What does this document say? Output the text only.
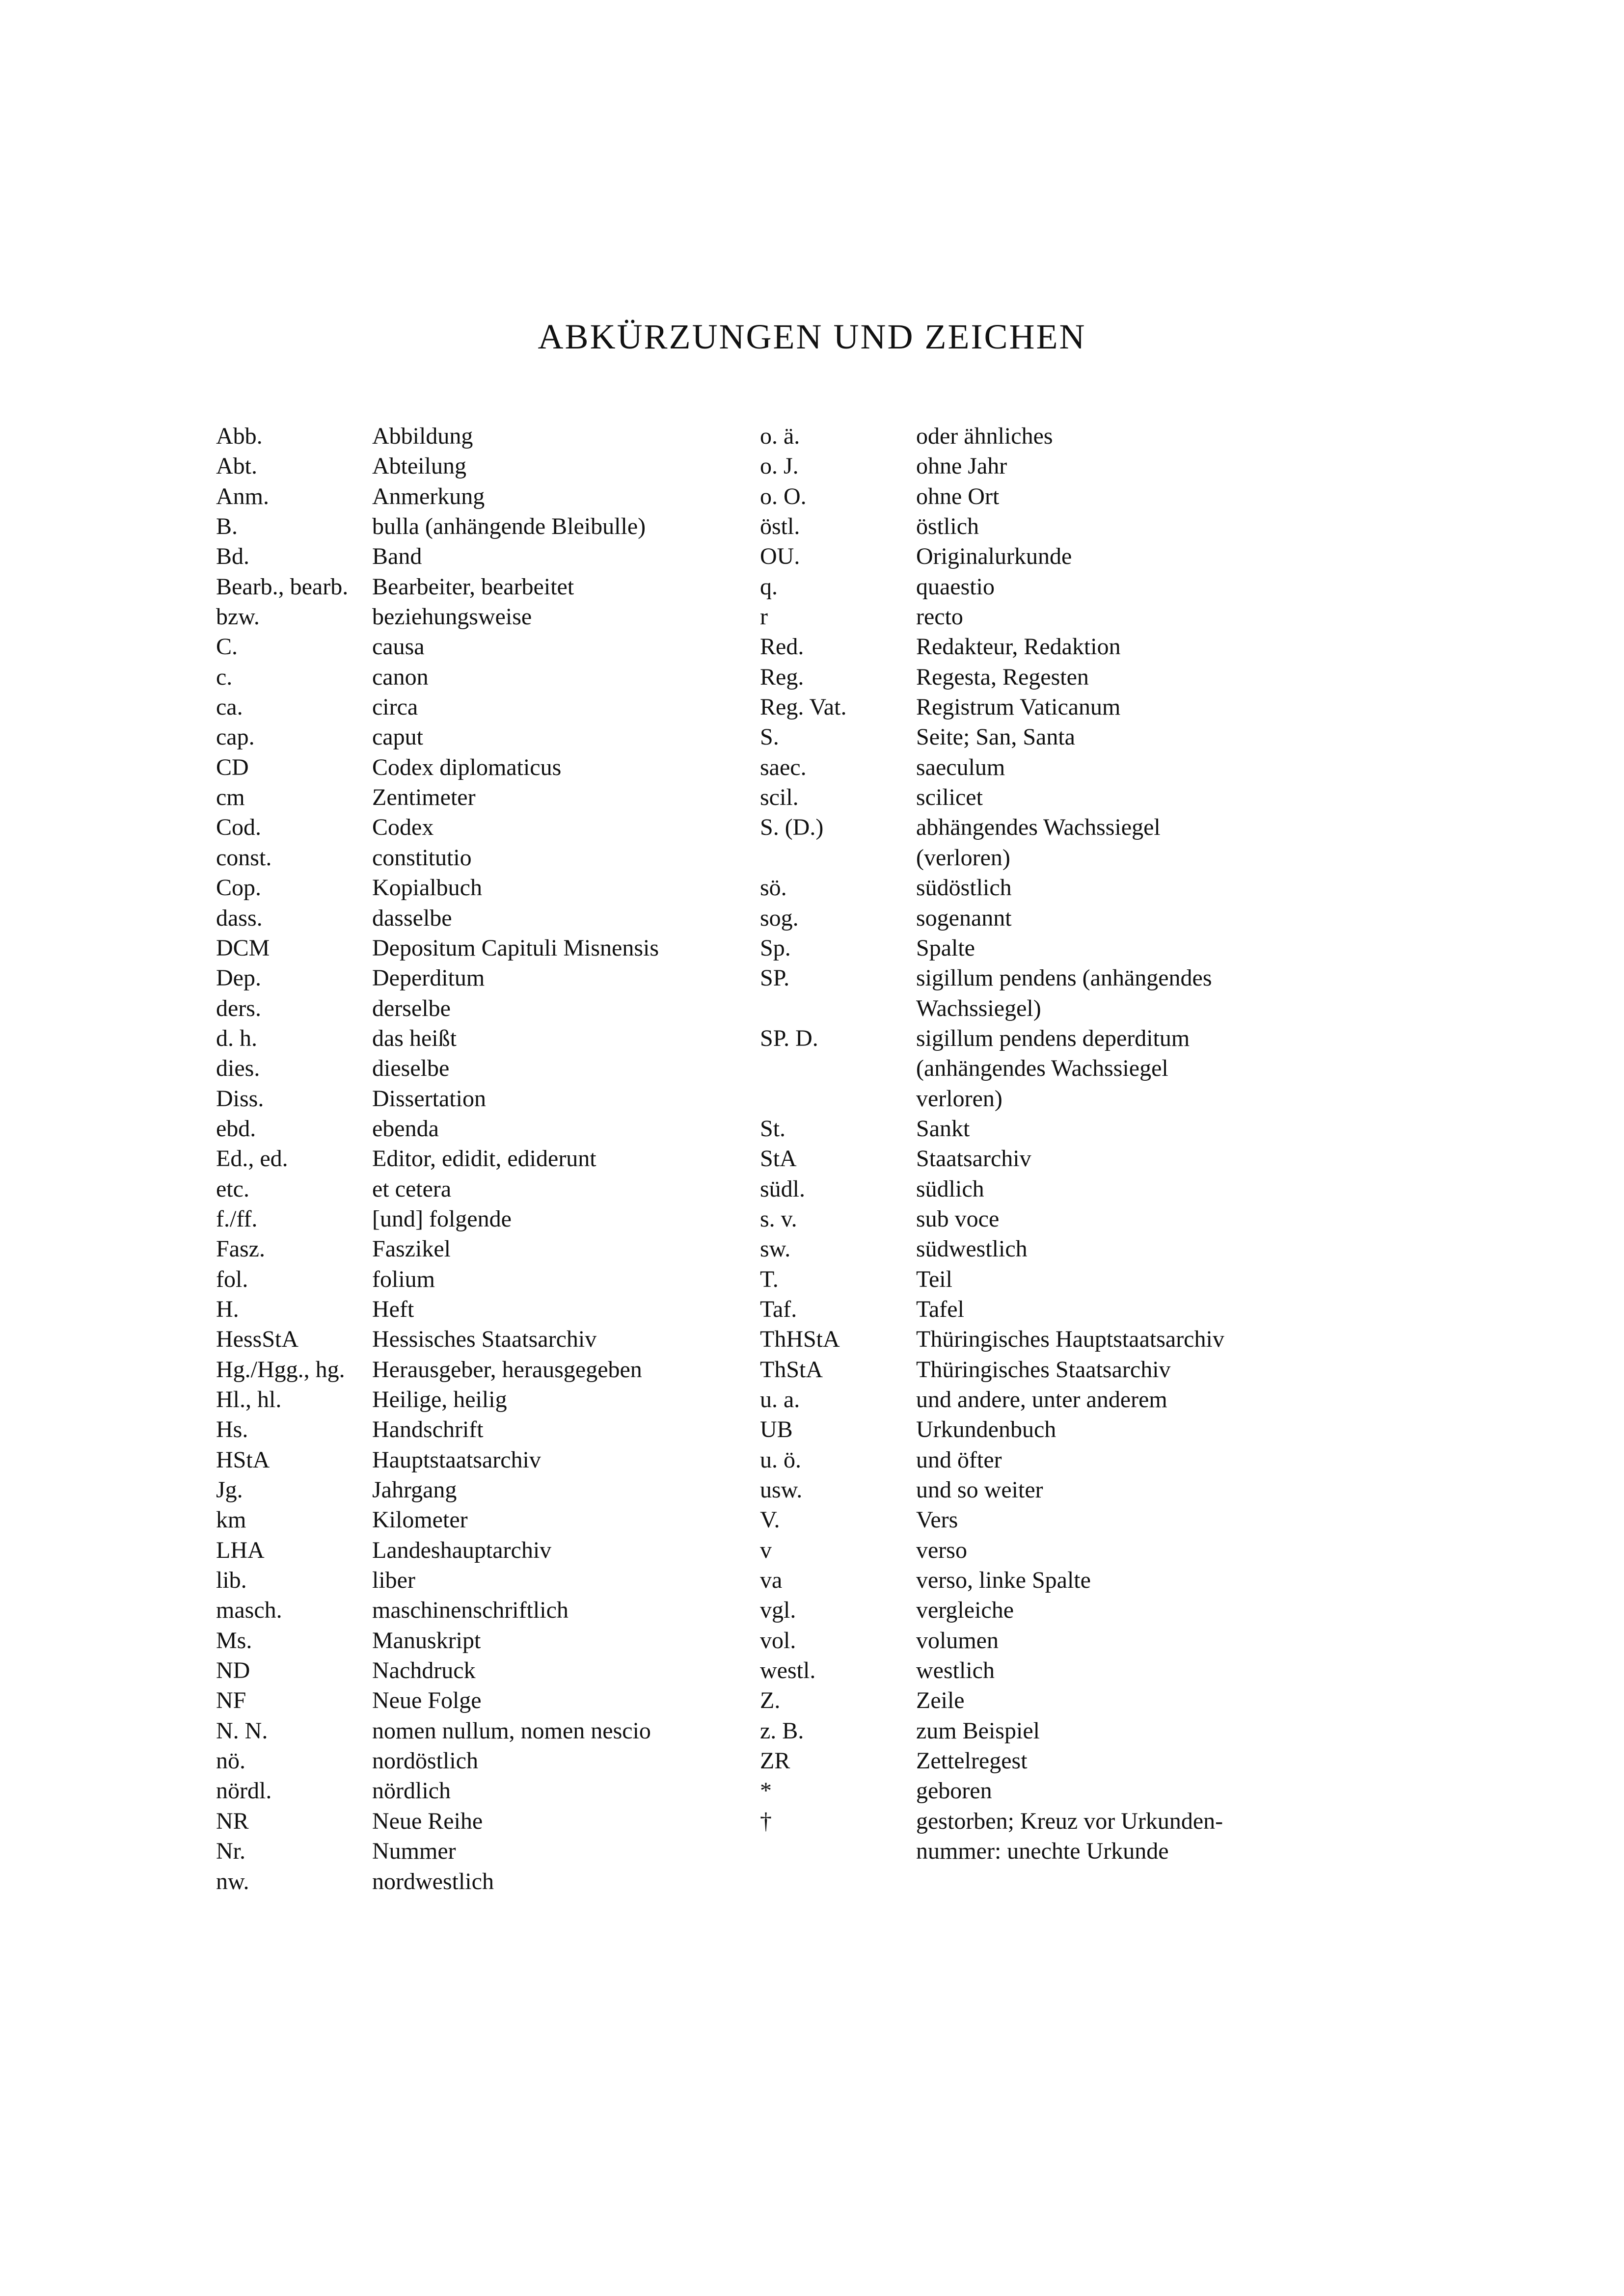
ABKÜRZUNGEN UND ZEICHEN
Abb.	Abbildung
Abt.	Abteilung
Anm.	Anmerkung
B.	bulla (anhängende Bleibulle)
Bd.	Band
Bearb., bearb.	Bearbeiter, bearbeitet
bzw.	beziehungsweise
C.	causa
c.	canon
ca.	circa
cap.	caput
CD	Codex diplomaticus
cm	Zentimeter
Cod.	Codex
const.	constitutio
Cop.	Kopialbuch
dass.	dasselbe
DCM	Depositum Capituli Misnensis
Dep.	Deperditum
ders.	derselbe
d. h.	das heißt
dies.	dieselbe
Diss.	Dissertation
ebd.	ebenda
Ed., ed.	Editor, edidit, ediderunt
etc.	et cetera
f./ff.	[und] folgende
Fasz.	Faszikel
fol.	folium
H.	Heft
HessStA	Hessisches Staatsarchiv
Hg./Hgg., hg.	Herausgeber, herausgegeben
Hl., hl.	Heilige, heilig
Hs.	Handschrift
HStA	Hauptstaatsarchiv
Jg.	Jahrgang
km	Kilometer
LHA	Landeshauptarchiv
lib.	liber
masch.	maschinenschriftlich
Ms.	Manuskript
ND	Nachdruck
NF	Neue Folge
N. N.	nomen nullum, nomen nescio
nö.	nordöstlich
nördl.	nördlich
NR	Neue Reihe
Nr.	Nummer
nw.	nordwestlich
o. ä.	oder ähnliches
o. J.	ohne Jahr
o. O.	ohne Ort
östl.	östlich
OU.	Originalurkunde
q.	quaestio
r	recto
Red.	Redakteur, Redaktion
Reg.	Regesta, Regesten
Reg. Vat.	Registrum Vaticanum
S.	Seite; San, Santa
saec.	saeculum
scil.	scilicet
S. (D.)	abhängendes Wachssiegel
(verloren)
sö.	südöstlich
sog.	sogenannt
Sp.	Spalte
SP.	sigillum pendens (anhängendes
Wachssiegel)
SP. D.	sigillum pendens deperditum
(anhängendes Wachssiegel
verloren)
St.	Sankt
StA	Staatsarchiv
südl.	südlich
s. v.	sub voce
sw.	südwestlich
T.	Teil
Taf.	Tafel
ThHStA	Thüringisches Hauptstaatsarchiv
ThStA	Thüringisches Staatsarchiv
u. a.	und andere, unter anderem
UB	Urkundenbuch
u. ö.	und öfter
usw.	und so weiter
V.	Vers
v	verso
va	verso, linke Spalte
vgl.	vergleiche
vol.	volumen
westl.	westlich
Z.	Zeile
z. B.	zum Beispiel
ZR	Zettelregest
*	geboren
†	gestorben; Kreuz vor Urkunden-
nummer: unechte Urkunde
